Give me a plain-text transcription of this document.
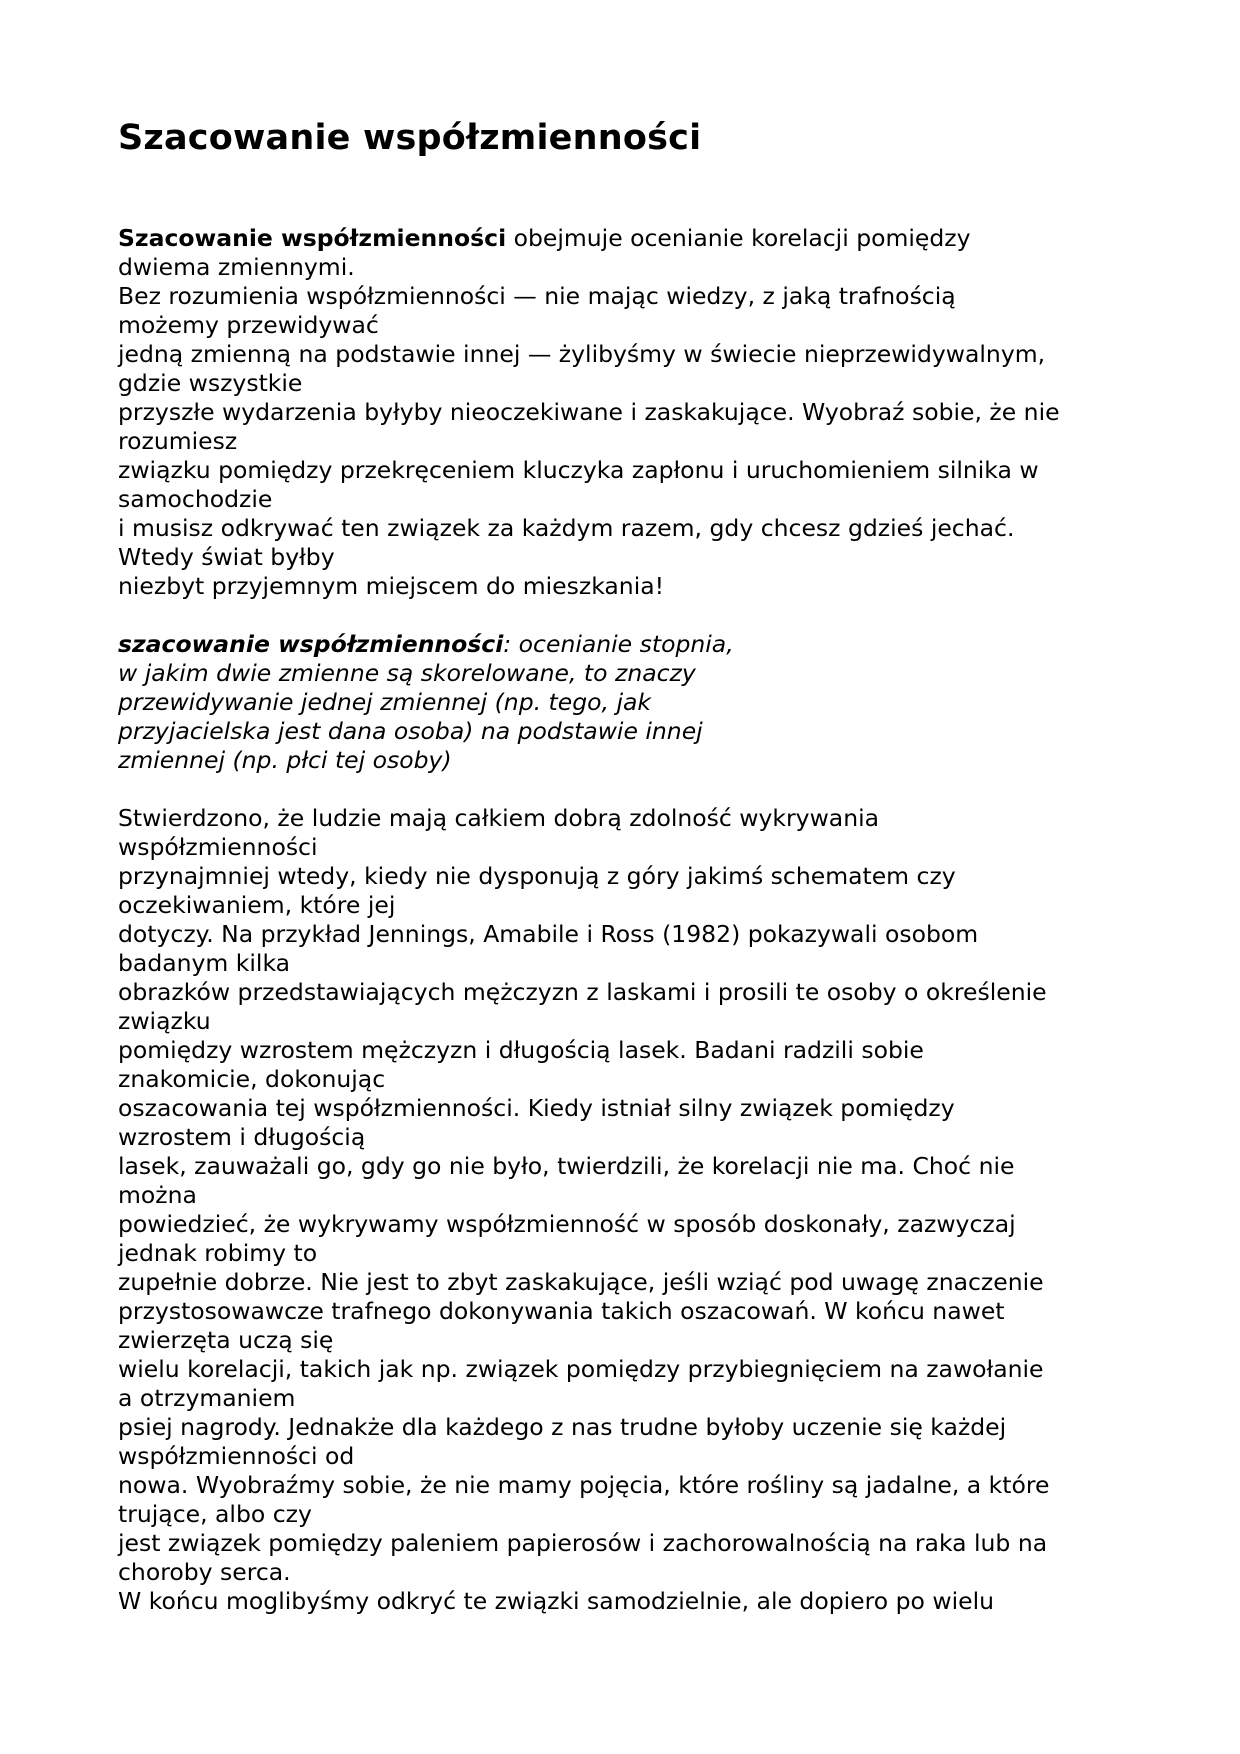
Szacowanie współzmienności

Szacowanie współzmienności obejmuje ocenianie korelacji pomiędzy
dwiema zmiennymi.
Bez rozumienia współzmienności — nie mając wiedzy, z jaką trafnością
możemy przewidywać
jedną zmienną na podstawie innej — żylibyśmy w świecie nieprzewidywalnym,
gdzie wszystkie
przyszłe wydarzenia byłyby nieoczekiwane i zaskakujące. Wyobraź sobie, że nie
rozumiesz
związku pomiędzy przekręceniem kluczyka zapłonu i uruchomieniem silnika w
samochodzie
i musisz odkrywać ten związek za każdym razem, gdy chcesz gdzieś jechać.
Wtedy świat byłby
niezbyt przyjemnym miejscem do mieszkania!

szacowanie współzmienności: ocenianie stopnia,
w jakim dwie zmienne są skorelowane, to znaczy
przewidywanie jednej zmiennej (np. tego, jak
przyjacielska jest dana osoba) na podstawie innej
zmiennej (np. płci tej osoby)

Stwierdzono, że ludzie mają całkiem dobrą zdolność wykrywania
współzmienności
przynajmniej wtedy, kiedy nie dysponują z góry jakimś schematem czy
oczekiwaniem, które jej
dotyczy. Na przykład Jennings, Amabile i Ross (1982) pokazywali osobom
badanym kilka
obrazków przedstawiających mężczyzn z laskami i prosili te osoby o określenie
związku
pomiędzy wzrostem mężczyzn i długością lasek. Badani radzili sobie
znakomicie, dokonując
oszacowania tej współzmienności. Kiedy istniał silny związek pomiędzy
wzrostem i długością
lasek, zauważali go, gdy go nie było, twierdzili, że korelacji nie ma. Choć nie
można
powiedzieć, że wykrywamy współzmienność w sposób doskonały, zazwyczaj
jednak robimy to
zupełnie dobrze. Nie jest to zbyt zaskakujące, jeśli wziąć pod uwagę znaczenie
przystosowawcze trafnego dokonywania takich oszacowań. W końcu nawet
zwierzęta uczą się
wielu korelacji, takich jak np. związek pomiędzy przybiegnięciem na zawołanie
a otrzymaniem
psiej nagrody. Jednakże dla każdego z nas trudne byłoby uczenie się każdej
współzmienności od
nowa. Wyobraźmy sobie, że nie mamy pojęcia, które rośliny są jadalne, a które
trujące, albo czy
jest związek pomiędzy paleniem papierosów i zachorowalnością na raka lub na
choroby serca.
W końcu moglibyśmy odkryć te związki samodzielnie, ale dopiero po wielu
